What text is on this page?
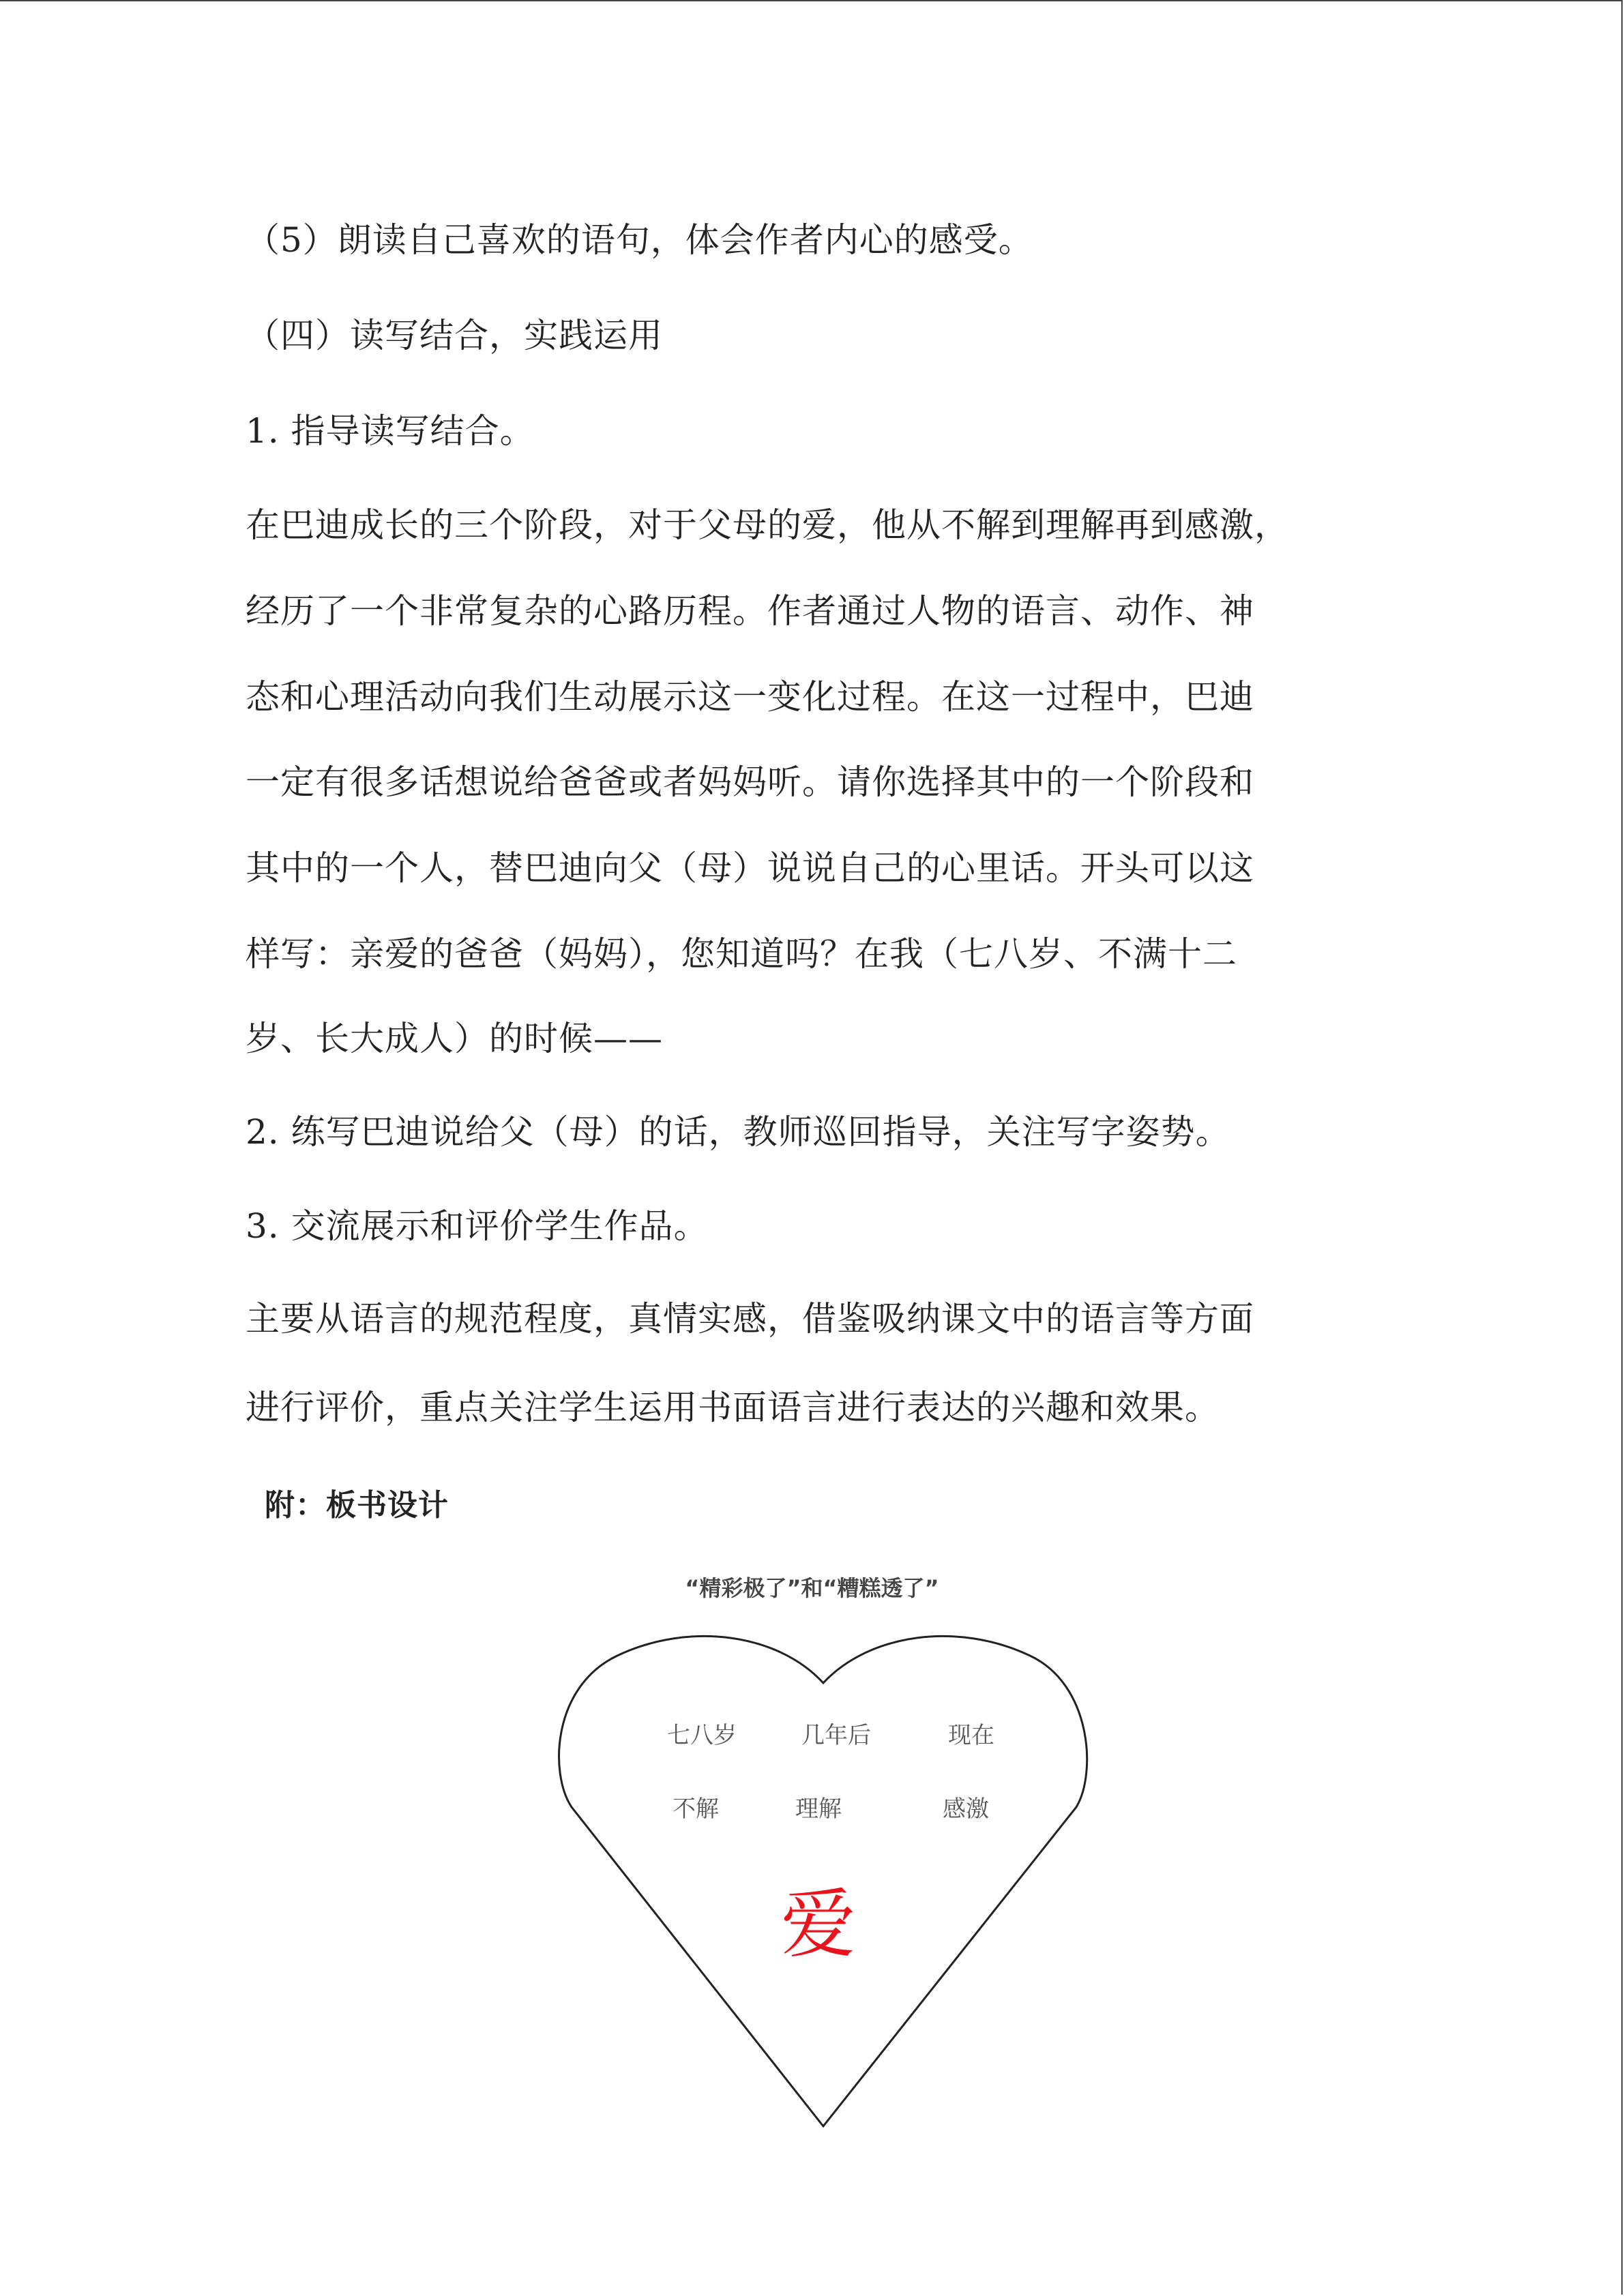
（5）朗读自己喜欢的语句，体会作者内心的感受。
（四）读写结合，实践运用
1. 指导读写结合。
在巴迪成长的三个阶段，对于父母的爱，他从不解到理解再到感激，
经历了一个非常复杂的心路历程。作者通过人物的语言、动作、神
态和心理活动向我们生动展示这一变化过程。在这一过程中，巴迪
一定有很多话想说给爸爸或者妈妈听。请你选择其中的一个阶段和
其中的一个人，替巴迪向父（母）说说自己的心里话。开头可以这
样写：亲爱的爸爸（妈妈），您知道吗？在我（七八岁、不满十二
岁、长大成人）的时候——
2. 练写巴迪说给父（母）的话，教师巡回指导，关注写字姿势。
3. 交流展示和评价学生作品。
主要从语言的规范程度，真情实感，借鉴吸纳课文中的语言等方面
进行评价，重点关注学生运用书面语言进行表达的兴趣和效果。
附：板书设计
“精彩极了”和“糟糕透了”
七八岁	几年后	现在
不解	理解	感激
爱
